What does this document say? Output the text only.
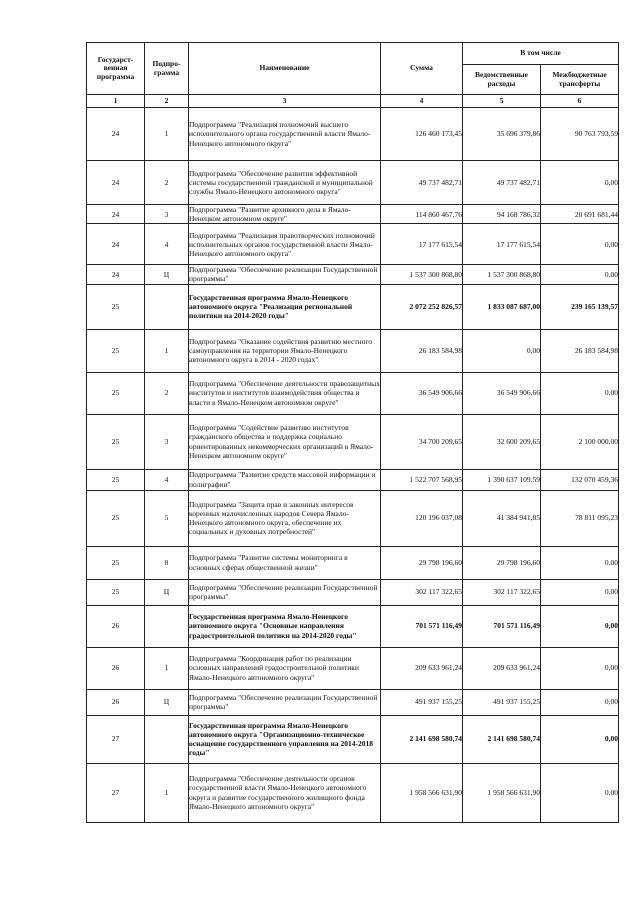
Государст-венная программа	Подпро-грамма	Наименование	Сумма	В том числе	
				Ведомственные расходы	Межбюджетные трансферты
1	2	3	4	5	6
24	1	Подпрограмма "Реализация полномочий высшего исполнительного органа государственной власти Ямало-Ненецкого автономного округа"	126 460 173,45	35 696 379,86	90 763 793,59
24	2	Подпрограмма "Обеспечение развития эффективной системы государственной гражданской и муниципальной службы Ямало-Ненецкого автономного округа"	49 737 482,71	49 737 482,71	0,00
24	3	Подпрограмма "Развитие архивного дела в Ямало-Ненецком автономном округе"	114 860 467,76	94 168 786,32	20 691 681,44
24	4	Подпрограмма "Реализация правотворческих полномочий исполнительных органов государственной власти Ямало-Ненецкого автономного округа"	17 177 615,54	17 177 615,54	0,00
24	Ц	Подпрограмма "Обеспечение реализации Государственной программы"	1 537 300 868,80	1 537 300 868,80	0,00
25		Государственная программа Ямало-Ненецкого автономного округа "Реализация региональной политики на 2014-2020 годы"	2 072 252 826,57	1 833 087 687,00	239 165 139,57
25	1	Подпрограмма "Оказание содействия развитию местного самоуправления на территории Ямало-Ненецкого автономного округа в 2014 - 2020 годах"	26 183 584,98	0,00	26 183 584,98
25	2	Подпрограмма "Обеспечение деятельности правозащитных институтов и институтов взаимодействия общества и власти в Ямало-Ненецком автономном округе"	36 549 906,66	36 549 906,66	0,00
25	3	Подпрограмма "Содействие развитию институтов гражданского общества и поддержка социально ориентированных некоммерческих организаций в Ямало-Ненецком автономном округе"	34 700 209,65	32 600 209,65	2 100 000,00
25	4	Подпрограмма "Развитие средств массовой информации и полиграфии"	1 522 707 568,95	1 390 637 109,59	132 070 459,36
25	5	Подпрограмма "Защита прав и законных интересов коренных малочисленных народов Севера Ямало-Ненецкого автономного округа, обеспечение их социальных и духовных потребностей"	120 196 037,08	41 384 941,85	78 811 095,23
25	8	Подпрограмма "Развитие системы мониторинга в основных сферах общественной жизни"	29 798 196,60	29 798 196,60	0,00
25	Ц	Подпрограмма "Обеспечение реализации Государственной программы"	302 117 322,65	302 117 322,65	0,00
26		Государственная программа Ямало-Ненецкого автономного округа "Основные направления градостроительной политики на 2014-2020 годы"	701 571 116,49	701 571 116,49	0,00
26	1	Подпрограмма "Координация работ по реализации основных направлений градостроительной политики Ямало-Ненецкого автономного округа"	209 633 961,24	209 633 961,24	0,00
26	Ц	Подпрограмма "Обеспечение реализации Государственной программы"	491 937 155,25	491 937 155,25	0,00
27		Государственная программа Ямало-Ненецкого автономного округа "Организационно-техническое оснащение государственного управления на 2014-2018 годы"	2 141 698 580,74	2 141 698 580,74	0,00
27	1	Подпрограмма "Обеспечение деятельности органов государственной власти Ямало-Ненецкого автономного округа и развитие государственного жилищного фонда Ямало-Ненецкого автономного округа"	1 958 566 631,90	1 958 566 631,90	0,00
